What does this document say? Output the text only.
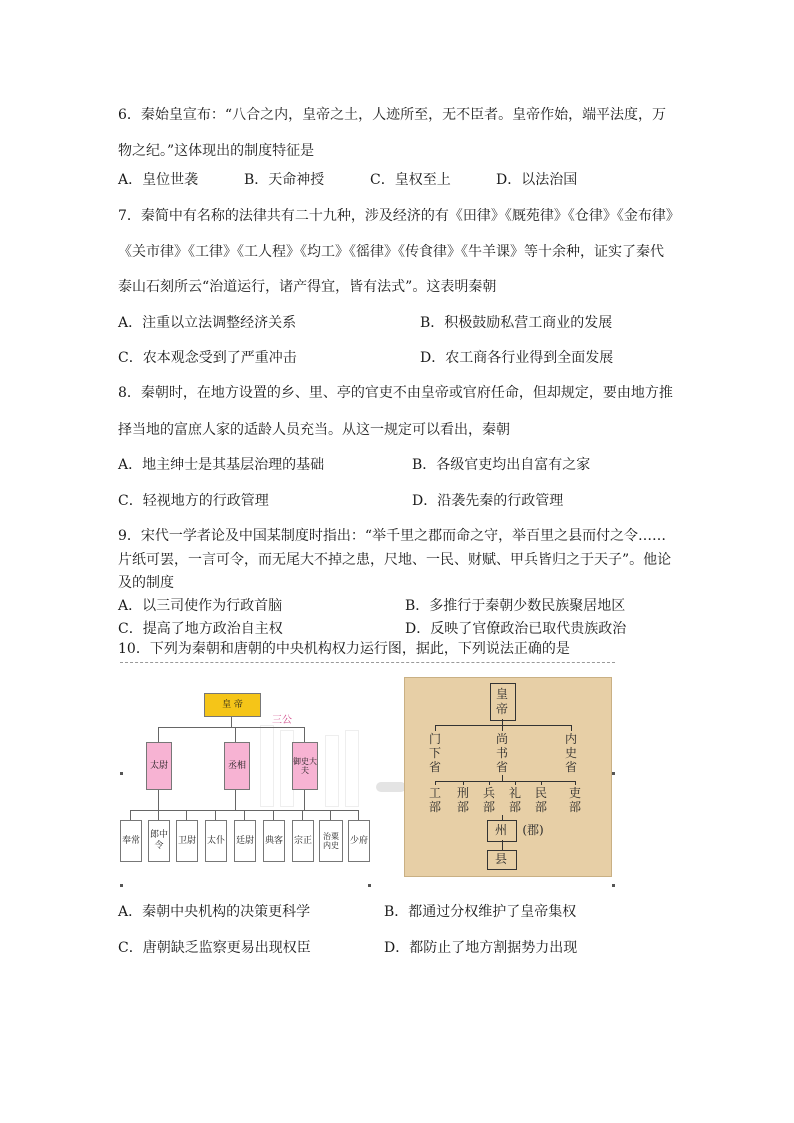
6．秦始皇宣布：“八合之内，皇帝之土，人迹所至，无不臣者。皇帝作始，端平法度，万
物之纪。”这体现出的制度特征是
A．皇位世袭	B．天命神授	C．皇权至上	D．以法治国
7．秦简中有名称的法律共有二十九种，涉及经济的有《田律》《厩苑律》《仓律》《金布律》
《关市律》《工律》《工人程》《均工》《徭律》《传食律》《牛羊课》等十余种，证实了秦代
泰山石刻所云“治道运行，诸产得宜，皆有法式”。这表明秦朝
A．注重以立法调整经济关系	B．积极鼓励私营工商业的发展
C．农本观念受到了严重冲击	D．农工商各行业得到全面发展
8．秦朝时，在地方设置的乡、里、亭的官吏不由皇帝或官府任命，但却规定，要由地方推
择当地的富庶人家的适龄人员充当。从这一规定可以看出，秦朝
A．地主绅士是其基层治理的基础	B．各级官吏均出自富有之家
C．轻视地方的行政管理	D．沿袭先秦的行政管理
9．宋代一学者论及中国某制度时指出：“举千里之郡而命之守，举百里之县而付之令……
片纸可罢，一言可令，而无尾大不掉之患，尺地、一民、财赋、甲兵皆归之于天子”。他论
及的制度
A．以三司使作为行政首脑	B．多推行于秦朝少数民族聚居地区
C．提高了地方政治自主权	D．反映了官僚政治已取代贵族政治
10．下列为秦朝和唐朝的中央机构权力运行图，据此，下列说法正确的是
皇 帝
三公
太尉	丞相	御史大夫
奉常
郎中令
卫尉 太仆 廷尉 典客 宗正	治粟内史	少府
皇
帝
门
下
省
尚
书
省
内
史
省
工
部
刑
部
兵
部
礼
部
民
部
吏
部
州	(郡)
县
A．秦朝中央机构的决策更科学	B．都通过分权维护了皇帝集权
C．唐朝缺乏监察更易出现权臣	D．都防止了地方割据势力出现
